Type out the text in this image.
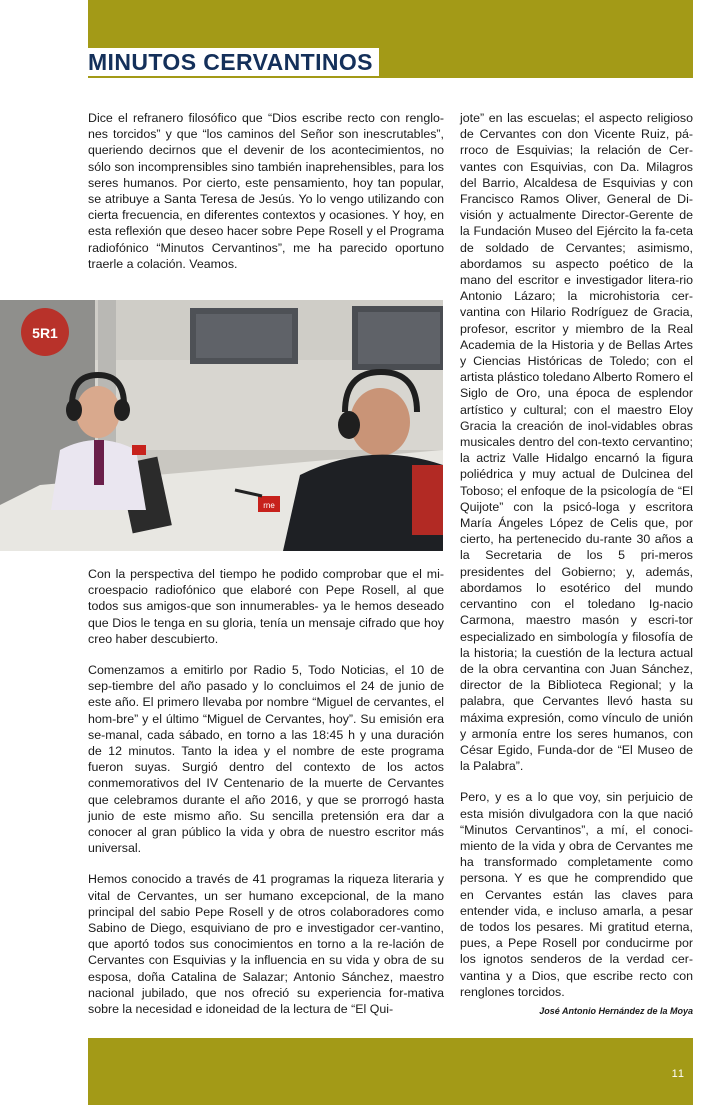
MINUTOS CERVANTINOS

Dice el refranero filosófico que “Dios escribe recto con renglo-nes torcidos” y que “los caminos del Señor son inescrutables”, queriendo decirnos que el devenir de los acontecimientos, no sólo son incomprensibles sino también inaprehensibles, para los seres humanos. Por cierto, este pensamiento, hoy tan popular, se atribuye a Santa Teresa de Jesús. Yo lo vengo utilizando con cierta frecuencia, en diferentes contextos y ocasiones. Y hoy, en esta reflexión que deseo hacer sobre Pepe Rosell y el Programa radiofónico “Minutos Cervantinos”, me ha parecido oportuno traerle a colación. Veamos.

5R1
rne

Con la perspectiva del tiempo he podido comprobar que el mi-croespacio radiofónico que elaboré con Pepe Rosell, al que todos sus amigos-que son innumerables- ya le hemos deseado que Dios le tenga en su gloria, tenía un mensaje cifrado que hoy creo haber descubierto.

Comenzamos a emitirlo por Radio 5, Todo Noticias, el 10 de sep-tiembre del año pasado y lo concluimos el 24 de junio de este año. El primero llevaba por nombre “Miguel de cervantes, el hom-bre” y el último “Miguel de Cervantes, hoy”. Su emisión era se-manal, cada sábado, en torno a las 18:45 h y una duración de 12 minutos. Tanto la idea y el nombre de este programa fueron suyas. Surgió dentro del contexto de los actos conmemorativos del IV Centenario de la muerte de Cervantes que celebramos durante el año 2016, y que se prorrogó hasta junio de este mismo año. Su sencilla pretensión era dar a conocer al gran público la vida y obra de nuestro escritor más universal.

Hemos conocido a través de 41 programas la riqueza literaria y vital de Cervantes, un ser humano excepcional, de la mano principal del sabio Pepe Rosell y de otros colaboradores como Sabino de Diego, esquiviano de pro e investigador cer-vantino, que aportó todos sus conocimientos en torno a la re-lación de Cervantes con Esquivias y la influencia en su vida y obra de su esposa, doña Catalina de Salazar; Antonio Sánchez, maestro nacional jubilado, que nos ofreció su experiencia for-mativa sobre la necesidad e idoneidad de la lectura de “El Qui-

jote” en las escuelas; el aspecto religioso de Cervantes con don Vicente Ruiz, pá-rroco de Esquivias; la relación de Cer-vantes con Esquivias, con Da. Milagros del Barrio, Alcaldesa de Esquivias y con Francisco Ramos Oliver, General de Di-visión y actualmente Director-Gerente de la Fundación Museo del Ejército la fa-ceta de soldado de Cervantes; asimismo, abordamos su aspecto poético de la mano del escritor e investigador litera-rio Antonio Lázaro; la microhistoria cer-vantina con Hilario Rodríguez de Gracia, profesor, escritor y miembro de la Real Academia de la Historia y de Bellas Artes y Ciencias Históricas de Toledo; con el artista plástico toledano Alberto Romero el Siglo de Oro, una época de esplendor artístico y cultural; con el maestro Eloy Gracia la creación de inol-vidables obras musicales dentro del con-texto cervantino; la actriz Valle Hidalgo encarnó la figura poliédrica y muy actual de Dulcinea del Toboso; el enfoque de la psicología de “El Quijote” con la psicó-loga y escritora María Ángeles López de Celis que, por cierto, ha pertenecido du-rante 30 años a la Secretaria de los 5 pri-meros presidentes del Gobierno; y, además, abordamos lo esotérico del mundo cervantino con el toledano Ig-nacio Carmona, maestro masón y escri-tor especializado en simbología y filosofía de la historia; la cuestión de la lectura actual de la obra cervantina con Juan Sánchez, director de la Biblioteca Regional; y la palabra, que Cervantes llevó hasta su máxima expresión, como vínculo de unión y armonía entre los seres humanos, con César Egido, Funda-dor de “El Museo de la Palabra”.

Pero, y es a lo que voy, sin perjuicio de esta misión divulgadora con la que nació “Minutos Cervantinos”, a mí, el conoci-miento de la vida y obra de Cervantes me ha transformado completamente como persona. Y es que he comprendido que en Cervantes están las claves para entender vida, e incluso amarla, a pesar de todos los pesares. Mi gratitud eterna, pues, a Pepe Rosell por conducirme por los ignotos senderos de la verdad cer-vantina y a Dios, que escribe recto con renglones torcidos.

José Antonio Hernández de la Moya
11
